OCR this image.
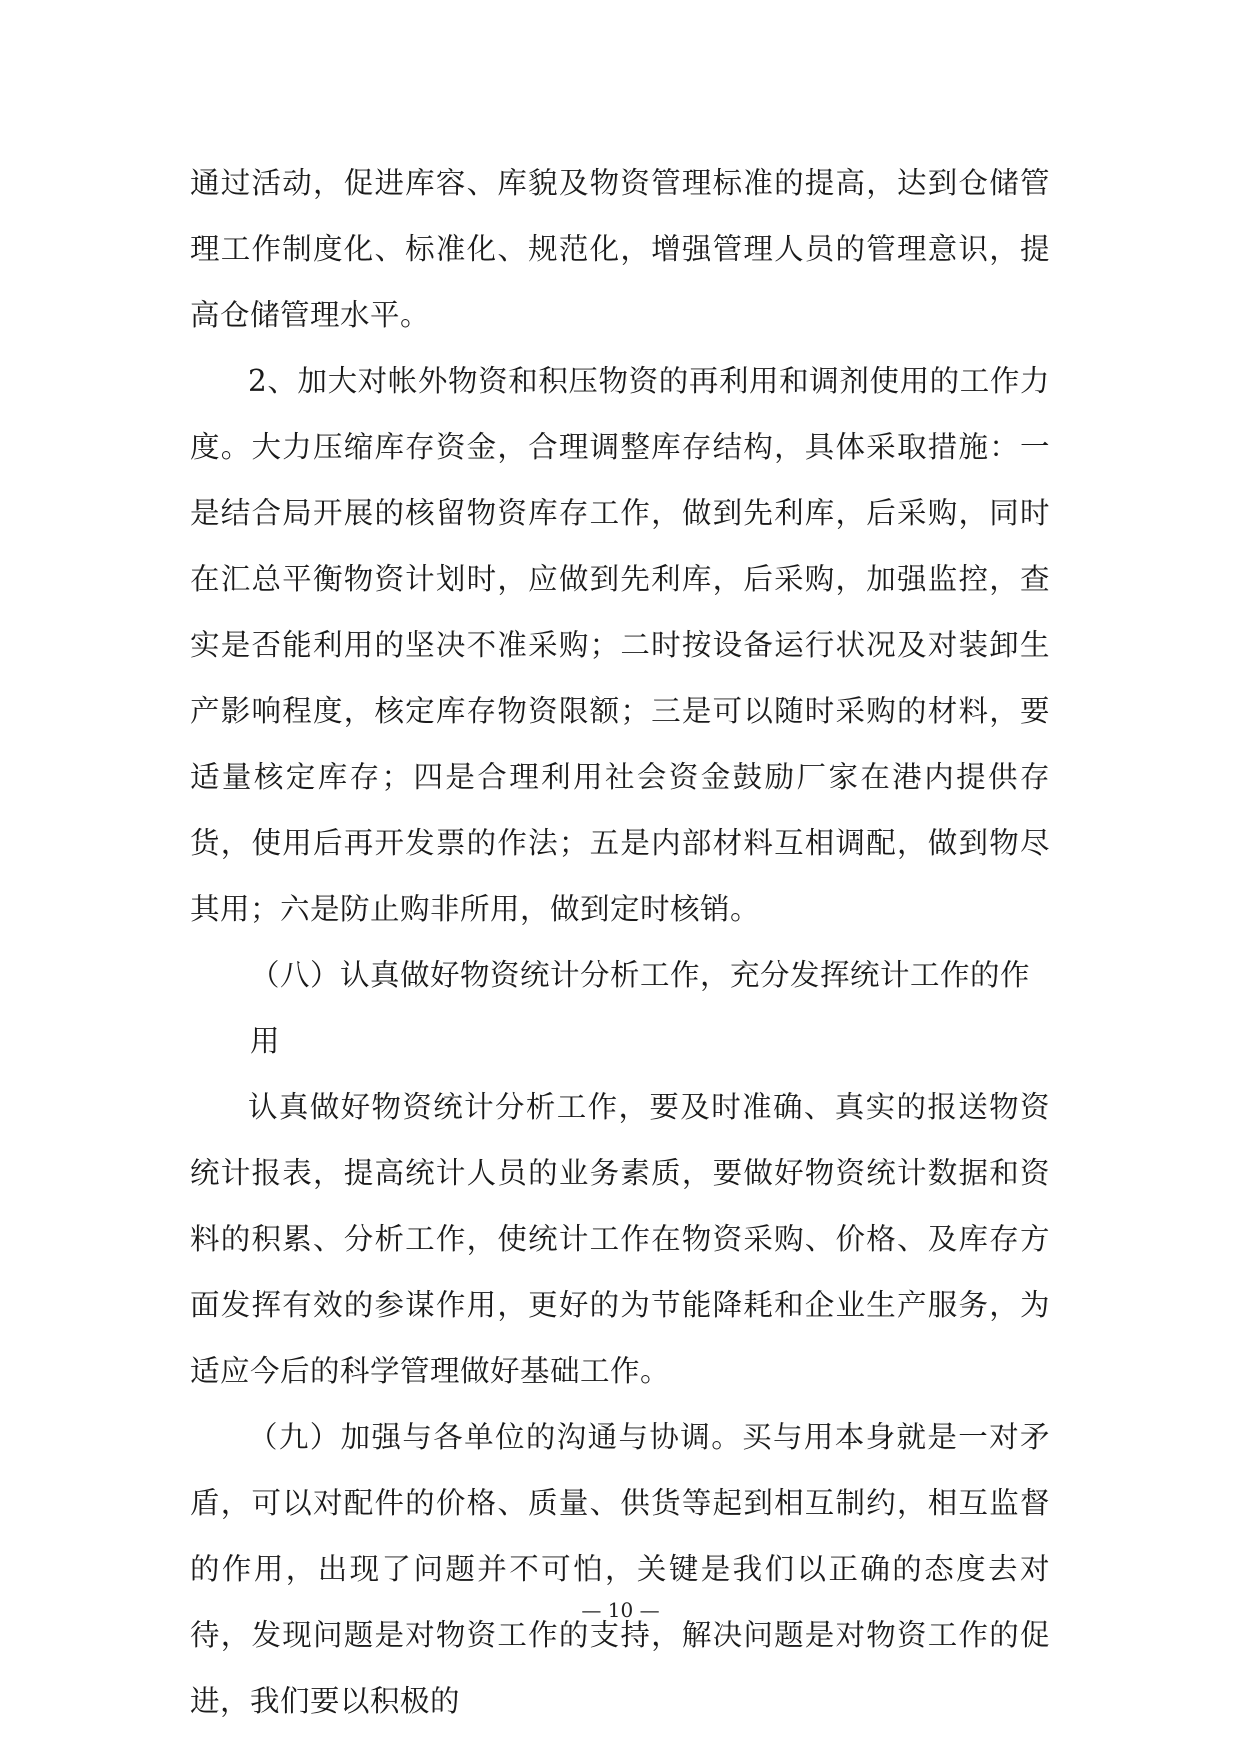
通过活动，促进库容、库貌及物资管理标准的提高，达到仓储管理工作制度化、标准化、规范化，增强管理人员的管理意识，提高仓储管理水平。

2、加大对帐外物资和积压物资的再利用和调剂使用的工作力度。大力压缩库存资金，合理调整库存结构，具体采取措施：一是结合局开展的核留物资库存工作，做到先利库，后采购，同时在汇总平衡物资计划时，应做到先利库，后采购，加强监控，查实是否能利用的坚决不准采购；二时按设备运行状况及对装卸生产影响程度，核定库存物资限额；三是可以随时采购的材料，要适量核定库存；四是合理利用社会资金鼓励厂家在港内提供存货，使用后再开发票的作法；五是内部材料互相调配，做到物尽其用；六是防止购非所用，做到定时核销。

（八）认真做好物资统计分析工作，充分发挥统计工作的作用

认真做好物资统计分析工作，要及时准确、真实的报送物资统计报表，提高统计人员的业务素质，要做好物资统计数据和资料的积累、分析工作，使统计工作在物资采购、价格、及库存方面发挥有效的参谋作用，更好的为节能降耗和企业生产服务，为适应今后的科学管理做好基础工作。

（九）加强与各单位的沟通与协调。买与用本身就是一对矛盾，可以对配件的价格、质量、供货等起到相互制约，相互监督的作用，出现了问题并不可怕，关键是我们以正确的态度去对待，发现问题是对物资工作的支持，解决问题是对物资工作的促进，我们要以积极的

— 10 —
